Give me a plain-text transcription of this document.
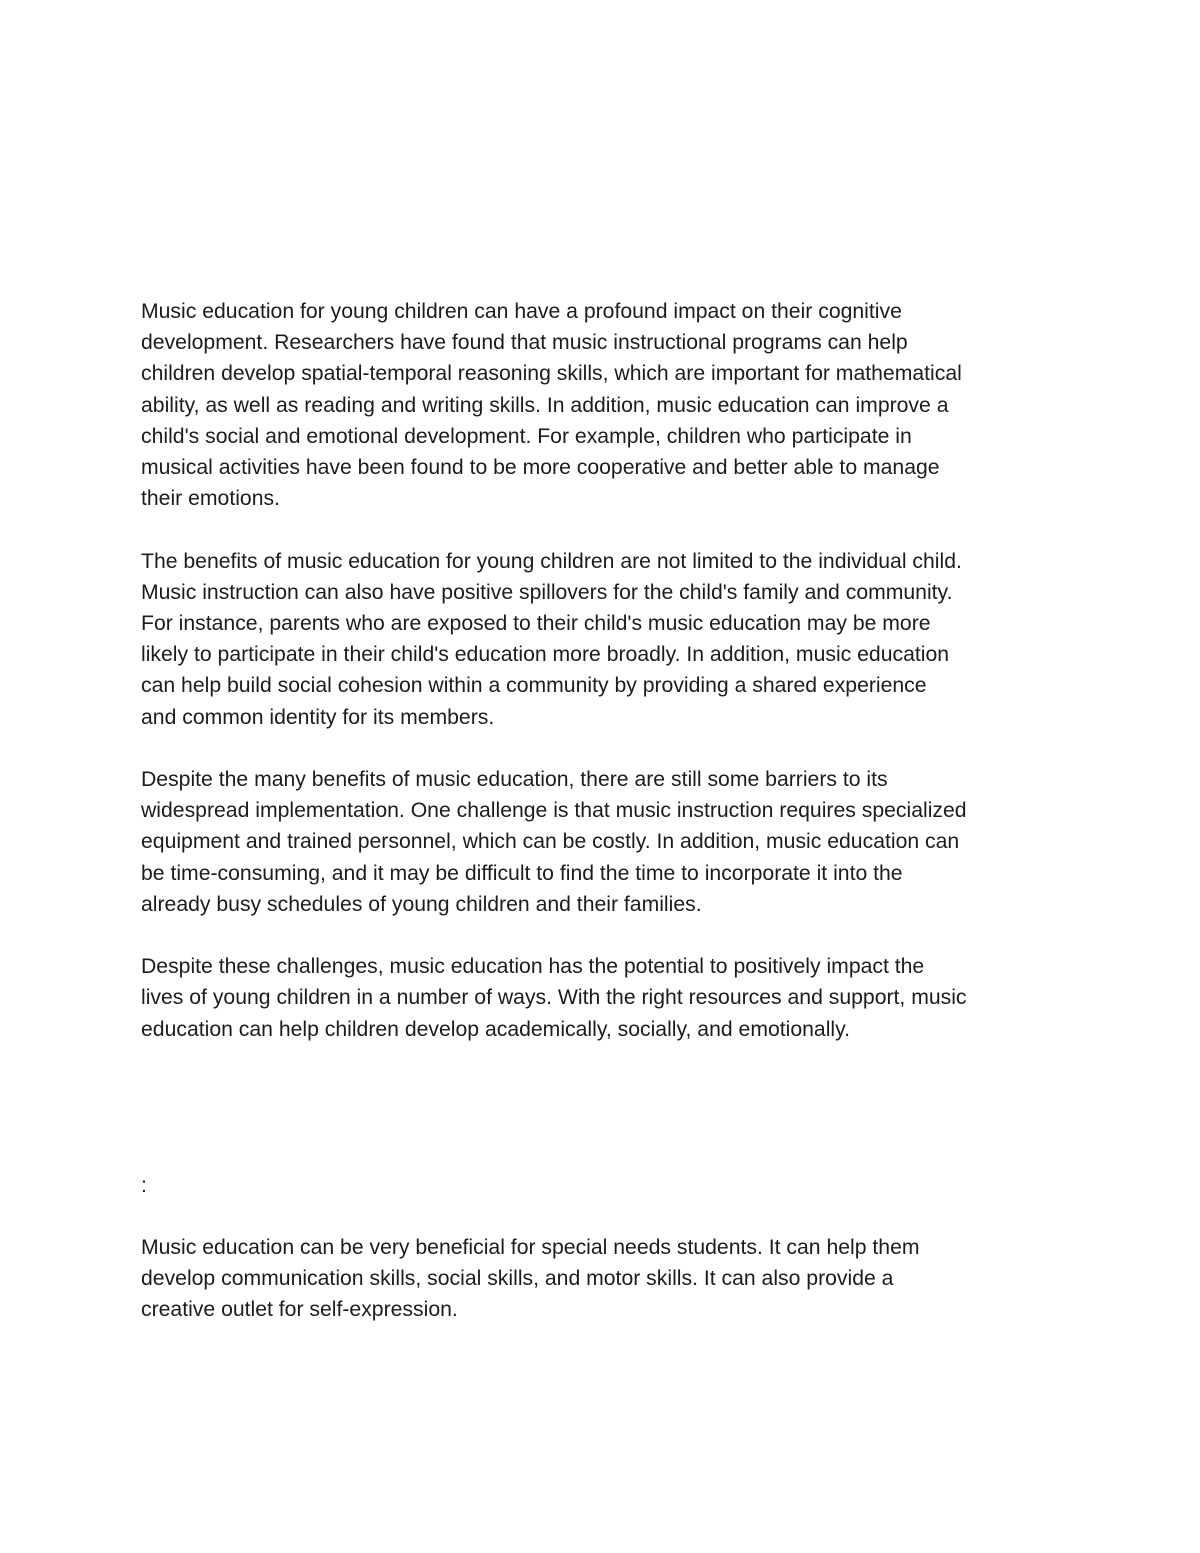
Music education for young children can have a profound impact on their cognitive
development. Researchers have found that music instructional programs can help
children develop spatial-temporal reasoning skills, which are important for mathematical
ability, as well as reading and writing skills. In addition, music education can improve a
child's social and emotional development. For example, children who participate in
musical activities have been found to be more cooperative and better able to manage
their emotions.

The benefits of music education for young children are not limited to the individual child.
Music instruction can also have positive spillovers for the child's family and community.
For instance, parents who are exposed to their child's music education may be more
likely to participate in their child's education more broadly. In addition, music education
can help build social cohesion within a community by providing a shared experience
and common identity for its members.

Despite the many benefits of music education, there are still some barriers to its
widespread implementation. One challenge is that music instruction requires specialized
equipment and trained personnel, which can be costly. In addition, music education can
be time-consuming, and it may be difficult to find the time to incorporate it into the
already busy schedules of young children and their families.

Despite these challenges, music education has the potential to positively impact the
lives of young children in a number of ways. With the right resources and support, music
education can help children develop academically, socially, and emotionally.

:

Music education can be very beneficial for special needs students. It can help them
develop communication skills, social skills, and motor skills. It can also provide a
creative outlet for self-expression.
